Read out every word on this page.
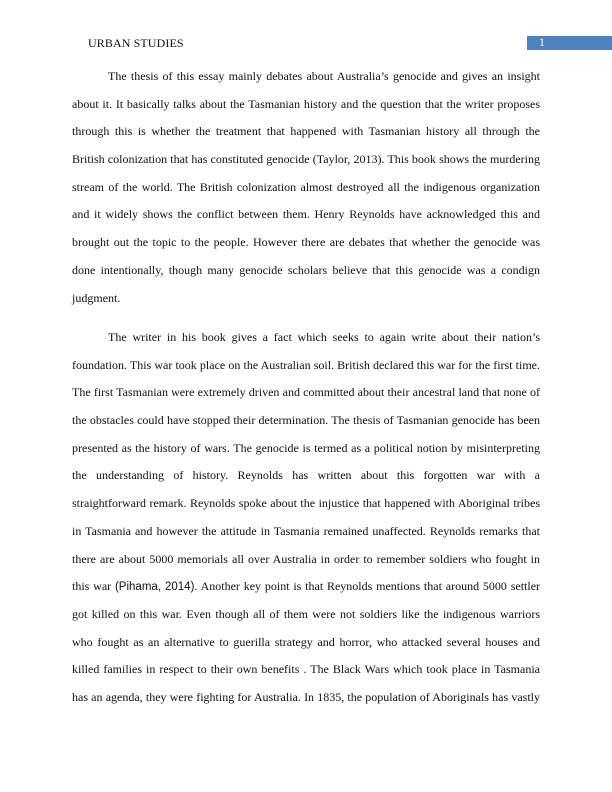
URBAN STUDIES	1
The thesis of this essay mainly debates about Australia’s genocide and gives an insight
about it. It basically talks about the Tasmanian history and the question that the writer proposes
through this is whether the treatment that happened with Tasmanian history all through the
British colonization that has constituted genocide (Taylor, 2013). This book shows the murdering
stream of the world. The British colonization almost destroyed all the indigenous organization
and it widely shows the conflict between them. Henry Reynolds have acknowledged this and
brought out the topic to the people. However there are debates that whether the genocide was
done intentionally, though many genocide scholars believe that this genocide was a condign
judgment.
The writer in his book gives a fact which seeks to again write about their nation’s
foundation. This war took place on the Australian soil. British declared this war for the first time.
The first Tasmanian were extremely driven and committed about their ancestral land that none of
the obstacles could have stopped their determination. The thesis of Tasmanian genocide has been
presented as the history of wars. The genocide is termed as a political notion by misinterpreting
the understanding of history. Reynolds has written about this forgotten war with a
straightforward remark. Reynolds spoke about the injustice that happened with Aboriginal tribes
in Tasmania and however the attitude in Tasmania remained unaffected. Reynolds remarks that
there are about 5000 memorials all over Australia in order to remember soldiers who fought in
this war (Pihama, 2014). Another key point is that Reynolds mentions that around 5000 settler
got killed on this war. Even though all of them were not soldiers like the indigenous warriors
who fought as an alternative to guerilla strategy and horror, who attacked several houses and
killed families in respect to their own benefits . The Black Wars which took place in Tasmania
has an agenda, they were fighting for Australia. In 1835, the population of Aboriginals has vastly
